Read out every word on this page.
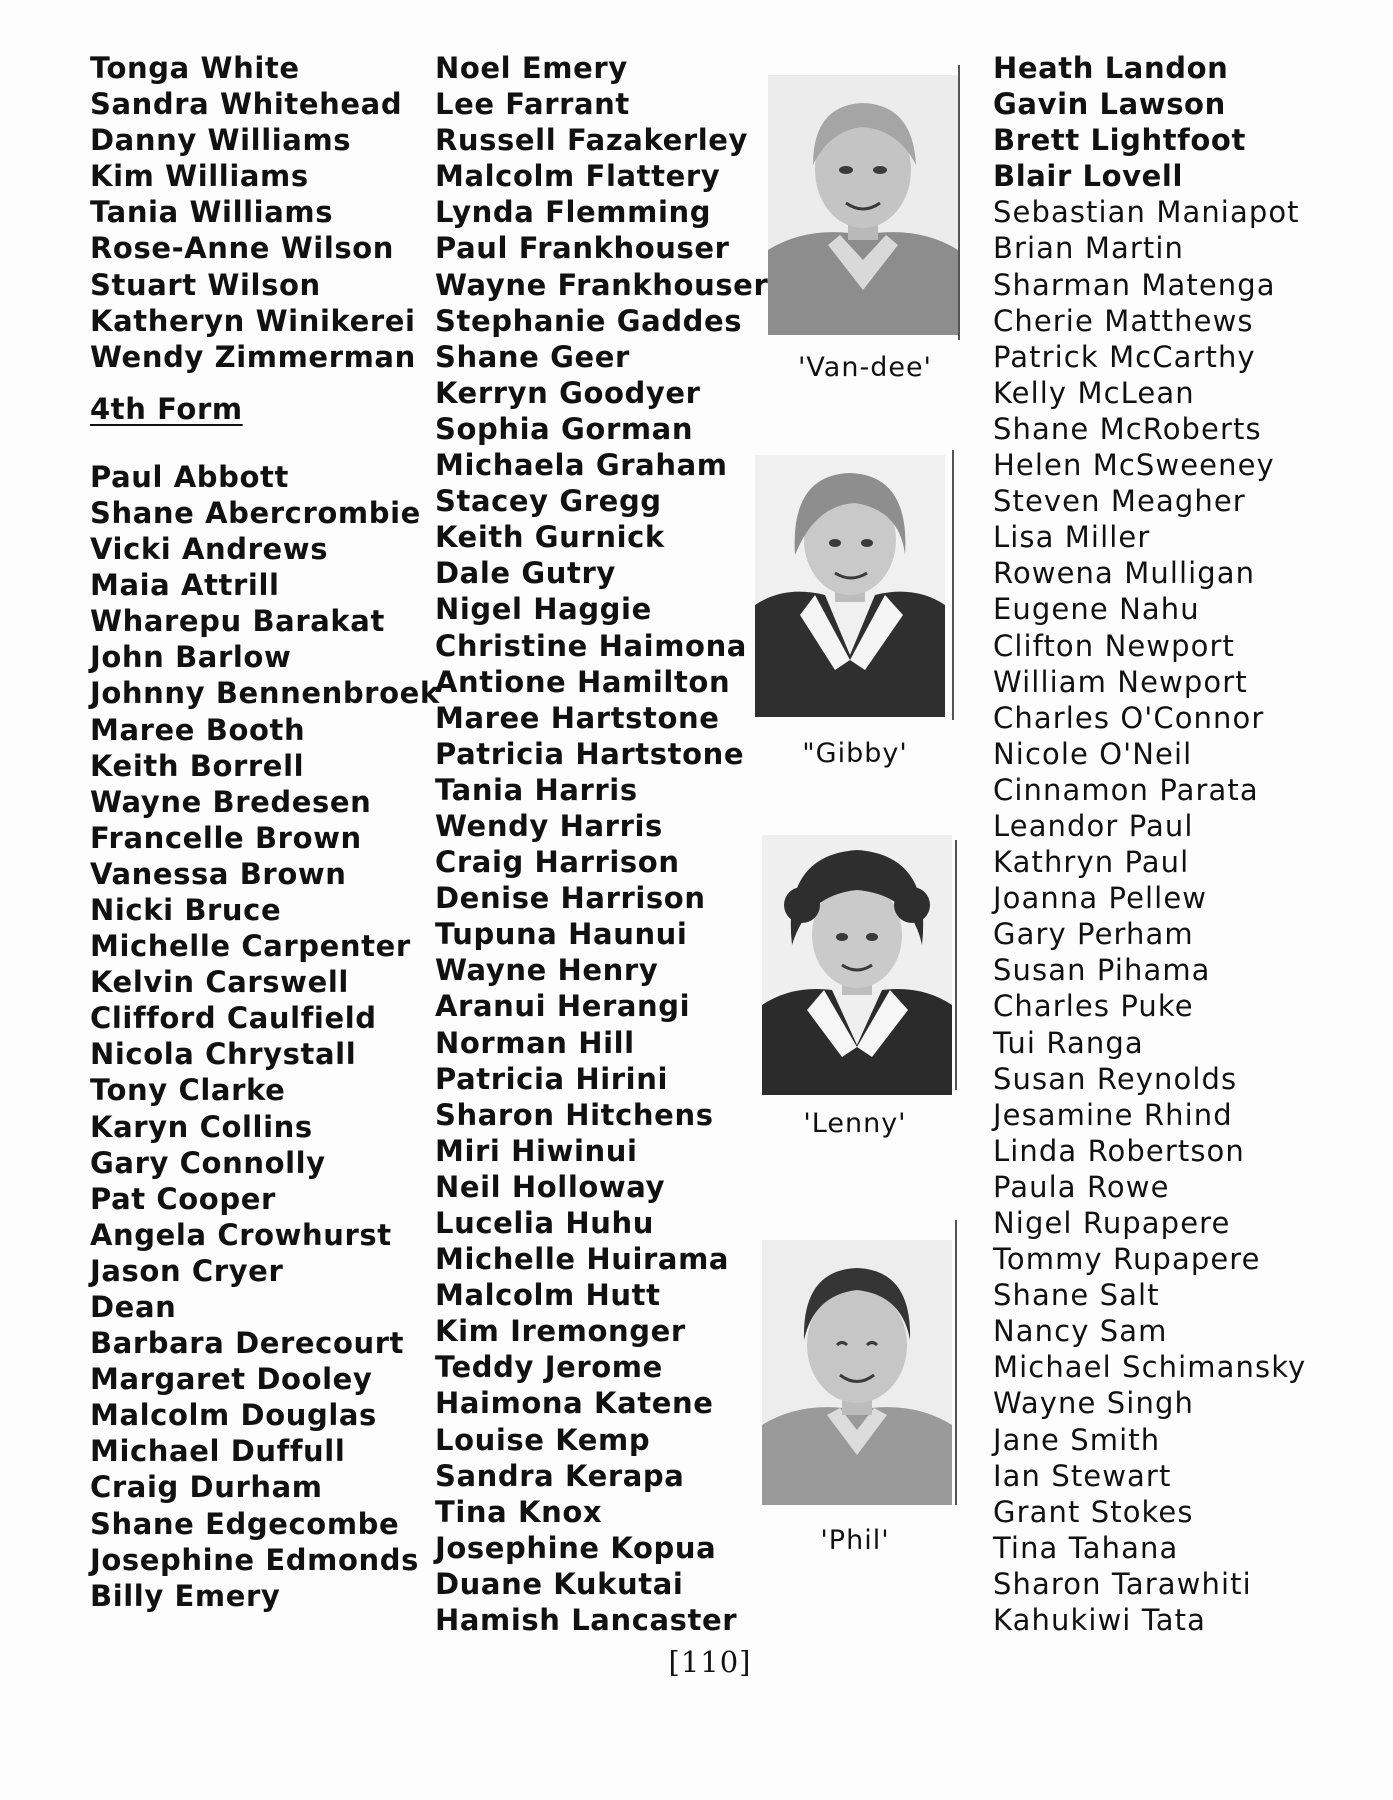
Tonga White
Sandra Whitehead
Danny Williams
Kim Williams
Tania Williams
Rose-Anne Wilson
Stuart Wilson
Katheryn Winikerei
Wendy Zimmerman
4th Form
Paul Abbott
Shane Abercrombie
Vicki Andrews
Maia Attrill
Wharepu Barakat
John Barlow
Johnny Bennenbroek
Maree Booth
Keith Borrell
Wayne Bredesen
Francelle Brown
Vanessa Brown
Nicki Bruce
Michelle Carpenter
Kelvin Carswell
Clifford Caulfield
Nicola Chrystall
Tony Clarke
Karyn Collins
Gary Connolly
Pat Cooper
Angela Crowhurst
Jason Cryer
Dean
Barbara Derecourt
Margaret Dooley
Malcolm Douglas
Michael Duffull
Craig Durham
Shane Edgecombe
Josephine Edmonds
Billy Emery
Noel Emery
Lee Farrant
Russell Fazakerley
Malcolm Flattery
Lynda Flemming
Paul Frankhouser
Wayne Frankhouser
Stephanie Gaddes
Shane Geer
Kerryn Goodyer
Sophia Gorman
Michaela Graham
Stacey Gregg
Keith Gurnick
Dale Gutry
Nigel Haggie
Christine Haimona
Antione Hamilton
Maree Hartstone
Patricia Hartstone
Tania Harris
Wendy Harris
Craig Harrison
Denise Harrison
Tupuna Haunui
Wayne Henry
Aranui Herangi
Norman Hill
Patricia Hirini
Sharon Hitchens
Miri Hiwinui
Neil Holloway
Lucelia Huhu
Michelle Huirama
Malcolm Hutt
Kim Iremonger
Teddy Jerome
Haimona Katene
Louise Kemp
Sandra Kerapa
Tina Knox
Josephine Kopua
Duane Kukutai
Hamish Lancaster
'Van-dee'
"Gibby'
'Lenny'
'Phil'
Heath Landon
Gavin Lawson
Brett Lightfoot
Blair Lovell
Sebastian Maniapot
Brian Martin
Sharman Matenga
Cherie Matthews
Patrick McCarthy
Kelly McLean
Shane McRoberts
Helen McSweeney
Steven Meagher
Lisa Miller
Rowena Mulligan
Eugene Nahu
Clifton Newport
William Newport
Charles O'Connor
Nicole O'Neil
Cinnamon Parata
Leandor Paul
Kathryn Paul
Joanna Pellew
Gary Perham
Susan Pihama
Charles Puke
Tui Ranga
Susan Reynolds
Jesamine Rhind
Linda Robertson
Paula Rowe
Nigel Rupapere
Tommy Rupapere
Shane Salt
Nancy Sam
Michael Schimansky
Wayne Singh
Jane Smith
Ian Stewart
Grant Stokes
Tina Tahana
Sharon Tarawhiti
Kahukiwi Tata
[110]
